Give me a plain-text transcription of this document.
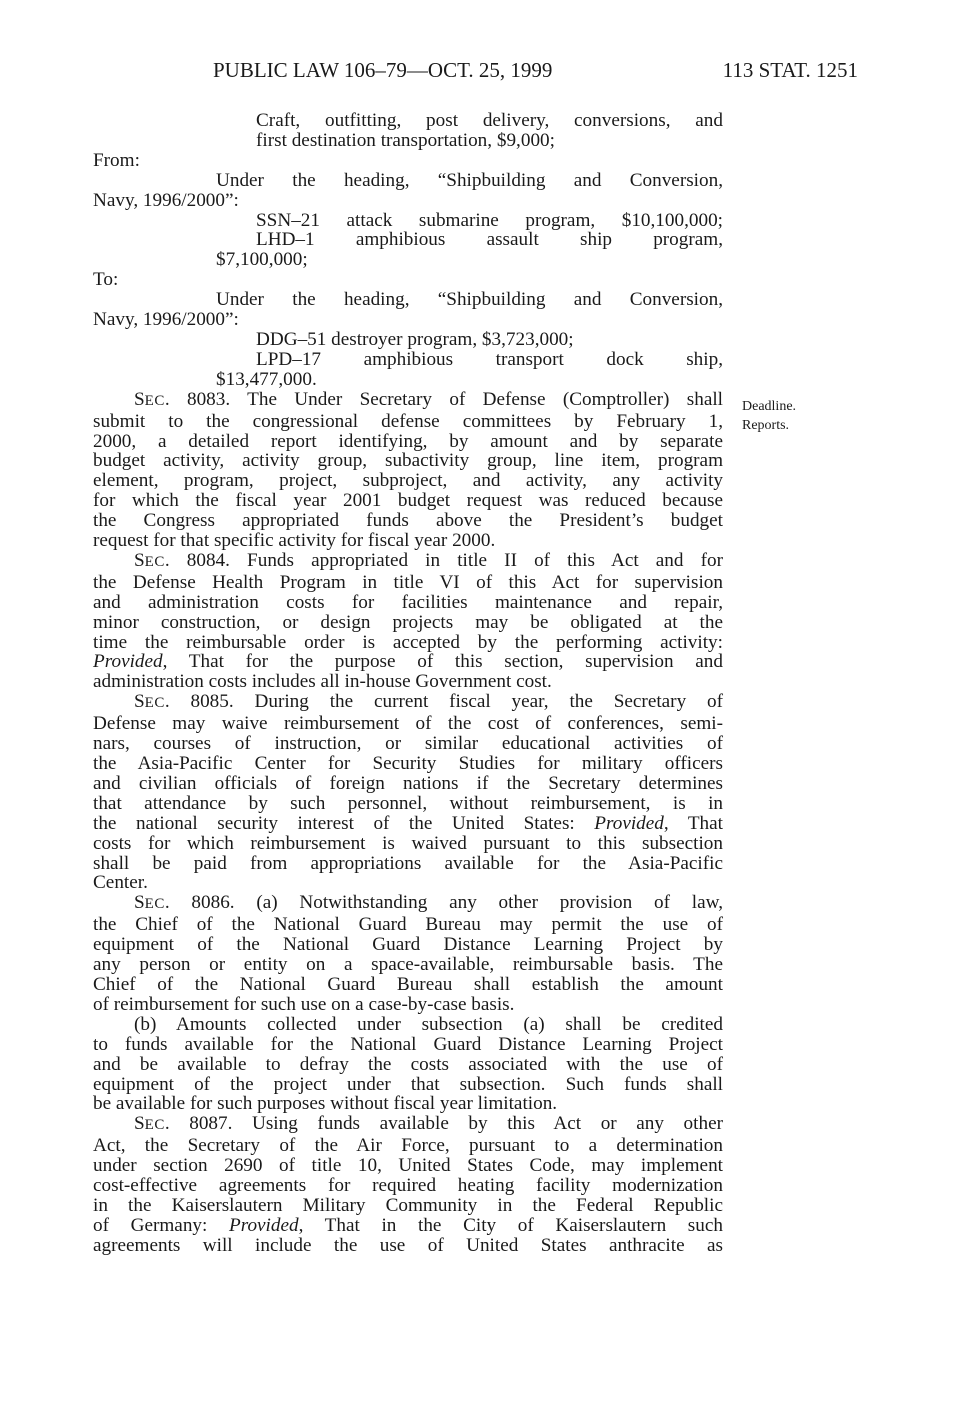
PUBLIC LAW 106–79—OCT. 25, 1999	113 STAT. 1251
Craft, outfitting, post delivery, conversions, and
first destination transportation, $9,000;
From:
Under the heading, “Shipbuilding and Conversion,
Navy, 1996/2000”:
SSN–21 attack submarine program, $10,100,000;
LHD–1 amphibious assault ship program,
$7,100,000;
To:
Under the heading, “Shipbuilding and Conversion,
Navy, 1996/2000”:
DDG–51 destroyer program, $3,723,000;
LPD–17 amphibious transport dock ship,
$13,477,000.
SEC. 8083. The Under Secretary of Defense (Comptroller) shall
submit to the congressional defense committees by February 1,
2000, a detailed report identifying, by amount and by separate
budget activity, activity group, subactivity group, line item, program
element, program, project, subproject, and activity, any activity
for which the fiscal year 2001 budget request was reduced because
the Congress appropriated funds above the President’s budget
request for that specific activity for fiscal year 2000.
SEC. 8084. Funds appropriated in title II of this Act and for
the Defense Health Program in title VI of this Act for supervision
and administration costs for facilities maintenance and repair,
minor construction, or design projects may be obligated at the
time the reimbursable order is accepted by the performing activity:
Provided, That for the purpose of this section, supervision and
administration costs includes all in-house Government cost.
SEC. 8085. During the current fiscal year, the Secretary of
Defense may waive reimbursement of the cost of conferences, semi-
nars, courses of instruction, or similar educational activities of
the Asia-Pacific Center for Security Studies for military officers
and civilian officials of foreign nations if the Secretary determines
that attendance by such personnel, without reimbursement, is in
the national security interest of the United States: Provided, That
costs for which reimbursement is waived pursuant to this subsection
shall be paid from appropriations available for the Asia-Pacific
Center.
SEC. 8086. (a) Notwithstanding any other provision of law,
the Chief of the National Guard Bureau may permit the use of
equipment of the National Guard Distance Learning Project by
any person or entity on a space-available, reimbursable basis. The
Chief of the National Guard Bureau shall establish the amount
of reimbursement for such use on a case-by-case basis.
(b) Amounts collected under subsection (a) shall be credited
to funds available for the National Guard Distance Learning Project
and be available to defray the costs associated with the use of
equipment of the project under that subsection. Such funds shall
be available for such purposes without fiscal year limitation.
SEC. 8087. Using funds available by this Act or any other
Act, the Secretary of the Air Force, pursuant to a determination
under section 2690 of title 10, United States Code, may implement
cost-effective agreements for required heating facility modernization
in the Kaiserslautern Military Community in the Federal Republic
of Germany: Provided, That in the City of Kaiserslautern such
agreements will include the use of United States anthracite as
Deadline.
Reports.
